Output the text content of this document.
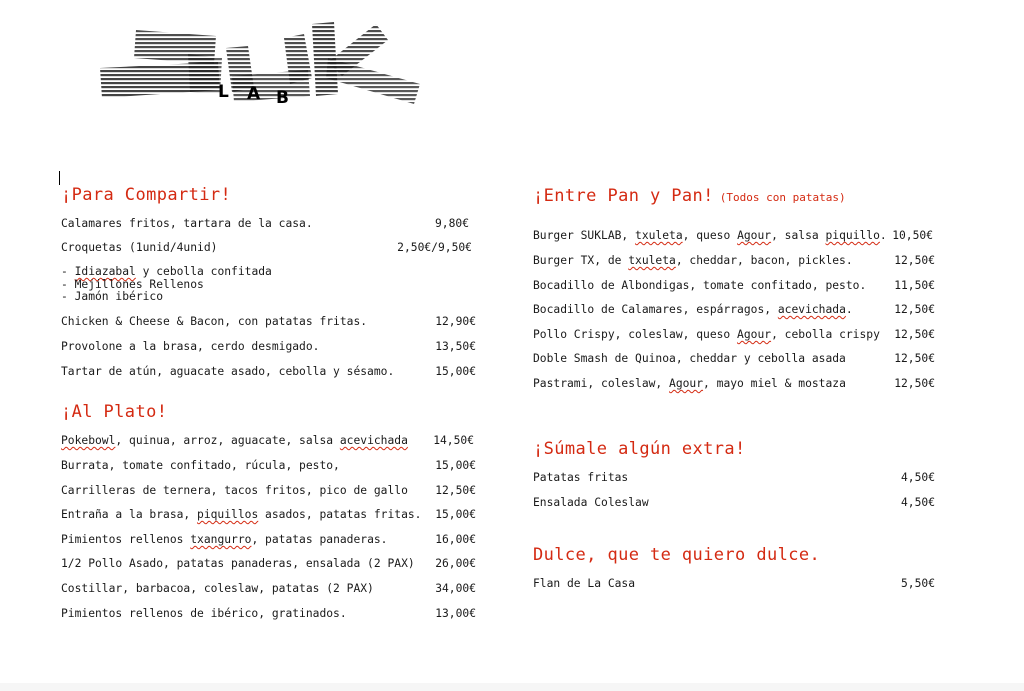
L A B
¡Para Compartir!
Calamares fritos, tartara de la casa.	9,80€
Croquetas (1unid/4unid)	2,50€/9,50€
- Idiazabal y cebolla confitada
- Mejillones Rellenos
- Jamón ibérico
Chicken & Cheese & Bacon, con patatas fritas.	12,90€
Provolone a la brasa, cerdo desmigado.	13,50€
Tartar de atún, aguacate asado, cebolla y sésamo.	15,00€
¡Al Plato!
Pokebowl, quinua, arroz, aguacate, salsa acevichada 14,50€
Burrata, tomate confitado, rúcula, pesto,	15,00€
Carrilleras de ternera, tacos fritos, pico de gallo 12,50€
Entraña a la brasa, piquillos asados, patatas fritas. 15,00€
Pimientos rellenos txangurro, patatas panaderas.	16,00€
1/2 Pollo Asado, patatas panaderas, ensalada (2 PAX) 26,00€
Costillar, barbacoa, coleslaw, patatas (2 PAX)	34,00€
Pimientos rellenos de ibérico, gratinados.	13,00€
¡Entre Pan y Pan! (Todos con patatas)
Burger SUKLAB, txuleta, queso Agour, salsa piquillo. 10,50€
Burger TX, de txuleta, cheddar, bacon, pickles.	12,50€
Bocadillo de Albondigas, tomate confitado, pesto. 11,50€
Bocadillo de Calamares, espárragos, acevichada.	12,50€
Pollo Crispy, coleslaw, queso Agour, cebolla crispy 12,50€
Doble Smash de Quinoa, cheddar y cebolla asada	12,50€
Pastrami, coleslaw, Agour, mayo miel & mostaza	12,50€
¡Súmale algún extra!
Patatas fritas	4,50€
Ensalada Coleslaw	4,50€
Dulce, que te quiero dulce.
Flan de La Casa	5,50€
